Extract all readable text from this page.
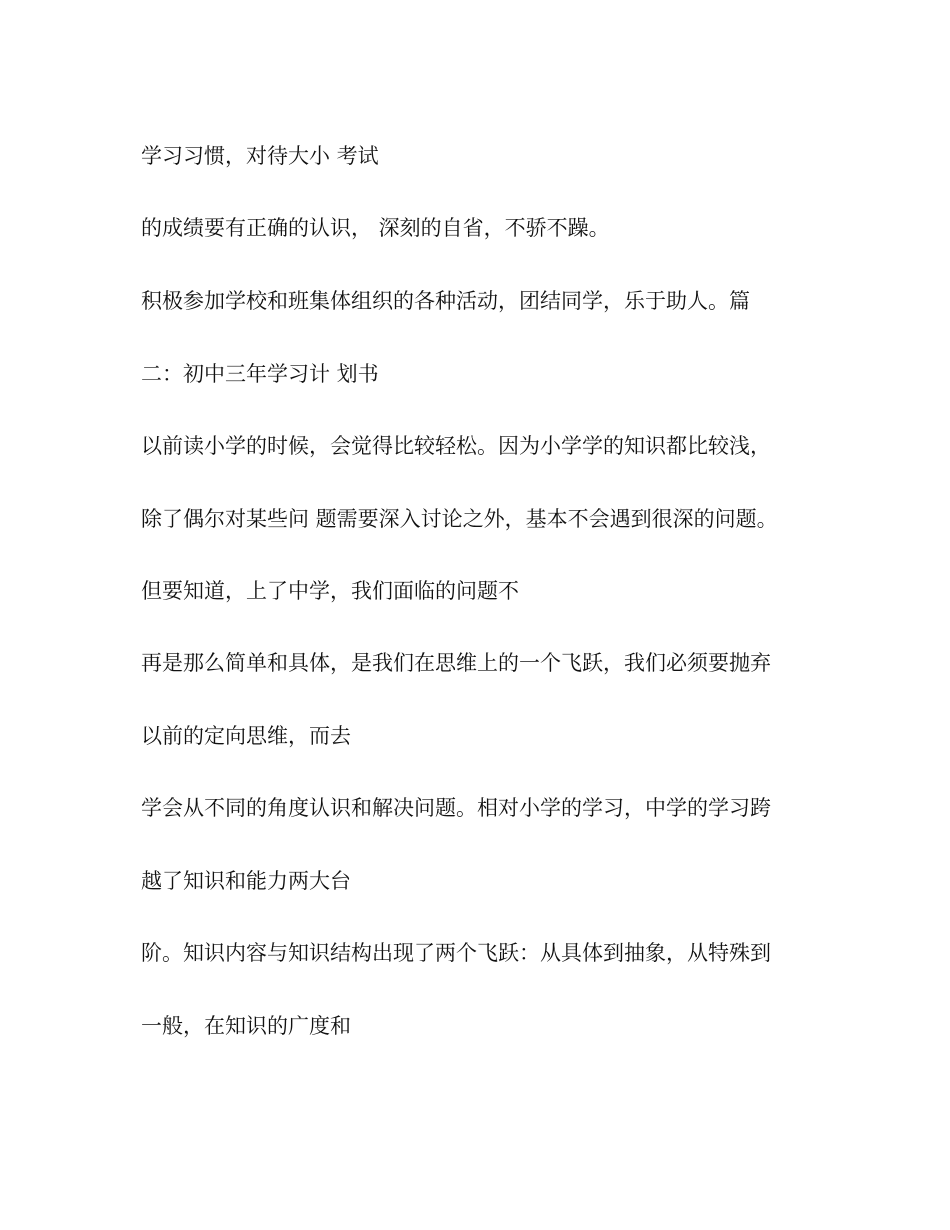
学习习惯，对待大小 考试

的成绩要有正确的认识， 深刻的自省，不骄不躁。

积极参加学校和班集体组织的各种活动，团结同学，乐于助人。篇

二：初中三年学习计 划书

以前读小学的时候，会觉得比较轻松。因为小学学的知识都比较浅，

除了偶尔对某些问 题需要深入讨论之外，基本不会遇到很深的问题。

但要知道，上了中学，我们面临的问题不

再是那么简单和具体，是我们在思维上的一个飞跃，我们必须要抛弃

以前的定向思维，而去

学会从不同的角度认识和解决问题。相对小学的学习，中学的学习跨

越了知识和能力两大台

阶。知识内容与知识结构出现了两个飞跃：从具体到抽象，从特殊到

一般，在知识的广度和
